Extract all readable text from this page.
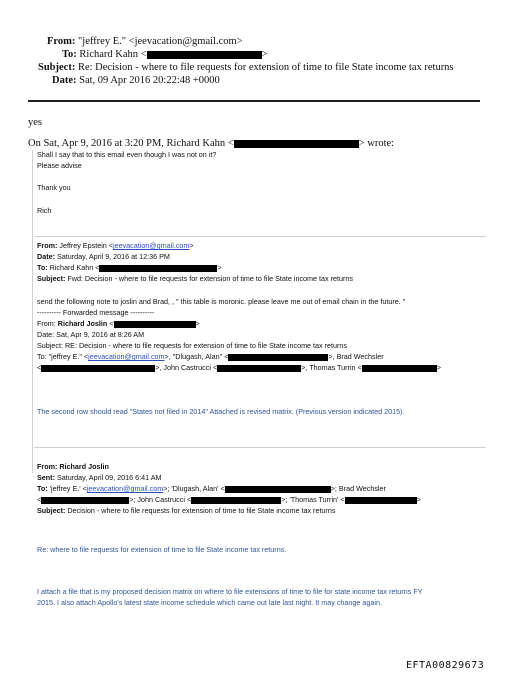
From: "jeffrey E." <jeevacation@gmail.com>
To: Richard Kahn <	>
Subject: Re: Decision - where to file requests for extension of time to file State income tax returns
Date: Sat, 09 Apr 2016 20:22:48 +0000
yes
On Sat, Apr 9, 2016 at 3:20 PM, Richard Kahn <	> wrote:
Shall I say that to this email even though I was not on it?
Please advise
Thank you
Rich
From: Jeffrey Epstein <jeevacation@gmail.com>
Date: Saturday, April 9, 2016 at 12:36 PM
To: Richard Kahn <	>
Subject: Fwd: Decision - where to file requests for extension of time to file State income tax returns
send the following note to joslin and Brad, , " this table is moronic. please leave me out of email chain in the future. "
---------- Forwarded message ----------
From: Richard Joslin <	>
Date: Sat, Apr 9, 2016 at 8:26 AM
Subject: RE: Decision - where to file requests for extension of time to file State income tax returns
To: "jeffrey E." <jeevacation@gmail.com>, "Dlugash, Alan" <	>, Brad Wechsler
<	>, John Castrucci <	>, Thomas Turrin <	>
The second row should read "States not filed in 2014" Attached is revised matrix. (Previous version indicated 2015).
From: Richard Joslin
Sent: Saturday, April 09, 2016 6:41 AM
To: 'jeffrey E.' <jeevacation@gmail.com>; 'Dlugash, Alan' <	>; Brad Wechsler
<	>; John Castrucci <	>; 'Thomas Turrin' <	>
Subject: Decision - where to file requests for extension of time to file State income tax returns
Re: where to file requests for extension of time to file State income tax returns.
I attach a file that is my proposed decision matrix on where to file extensions of time to file for state income tax returns FY
2015. I also attach Apollo's latest state income schedule which came out late last night. It may change again.
EFTA00829673
